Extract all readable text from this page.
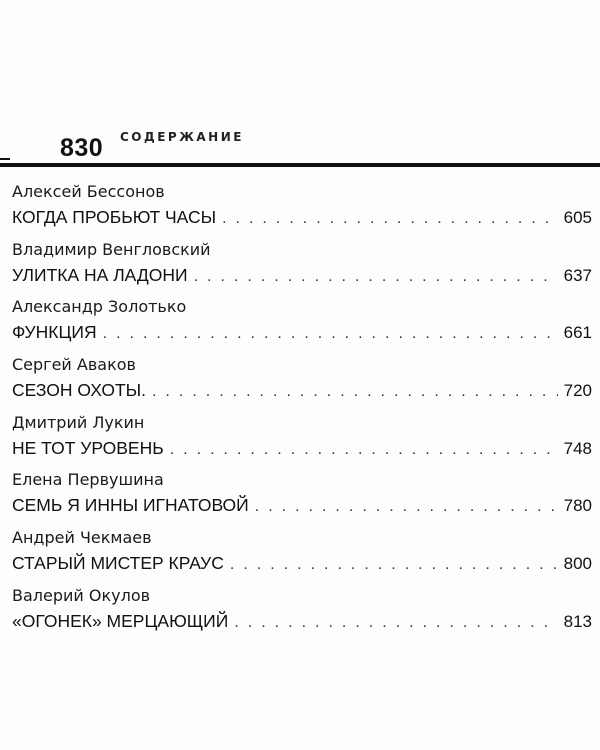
830 СОДЕРЖАНИЕ
Алексей Бессонов
КОГДА ПРОБЬЮТ ЧАСЫ .....	605
Владимир Венгловский
УЛИТКА НА ЛАДОНИ .....	637
Александр Золотько
ФУНКЦИЯ .....	661
Сергей Аваков
СЕЗОН ОХОТЫ. .....	720
Дмитрий Лукин
НЕ ТОТ УРОВЕНЬ .....	748
Елена Первушина
СЕМЬ Я ИННЫ ИГНАТОВОЙ .....	780
Андрей Чекмаев
СТАРЫЙ МИСТЕР КРАУС .....	800
Валерий Окулов
«ОГОНЕК» МЕРЦАЮЩИЙ .....	813
